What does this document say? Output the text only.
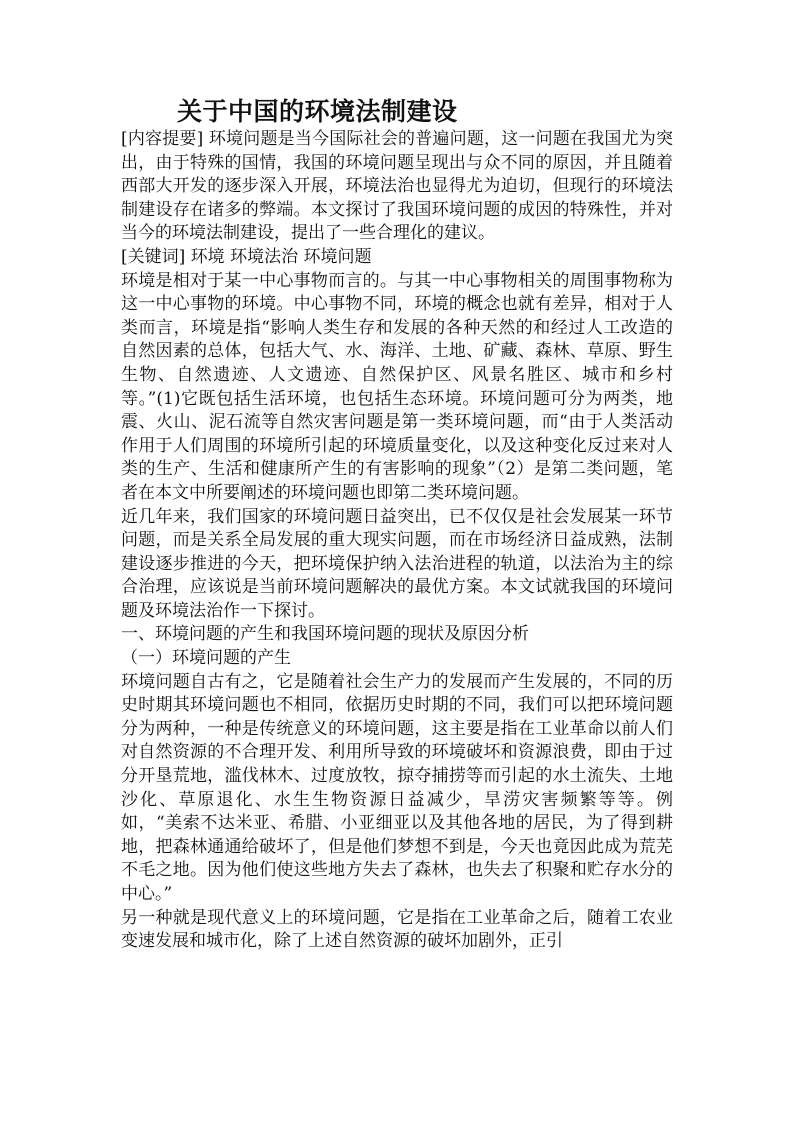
关于中国的环境法制建设

[内容提要] 环境问题是当今国际社会的普遍问题，这一问题在我国尤为突出，由于特殊的国情，我国的环境问题呈现出与众不同的原因，并且随着西部大开发的逐步深入开展，环境法治也显得尤为迫切，但现行的环境法制建设存在诸多的弊端。本文探讨了我国环境问题的成因的特殊性，并对当今的环境法制建设，提出了一些合理化的建议。

[关键词] 环境 环境法治 环境问题

环境是相对于某一中心事物而言的。与其一中心事物相关的周围事物称为这一中心事物的环境。中心事物不同，环境的概念也就有差异，相对于人类而言，环境是指“影响人类生存和发展的各种天然的和经过人工改造的自然因素的总体，包括大气、水、海洋、土地、矿藏、森林、草原、野生生物、自然遗迹、人文遗迹、自然保护区、风景名胜区、城市和乡村等。”(1)它既包括生活环境，也包括生态环境。环境问题可分为两类，地震、火山、泥石流等自然灾害问题是第一类环境问题，而“由于人类活动作用于人们周围的环境所引起的环境质量变化，以及这种变化反过来对人类的生产、生活和健康所产生的有害影响的现象”（2）是第二类问题，笔者在本文中所要阐述的环境问题也即第二类环境问题。

近几年来，我们国家的环境问题日益突出，已不仅仅是社会发展某一环节问题，而是关系全局发展的重大现实问题，而在市场经济日益成熟，法制建设逐步推进的今天，把环境保护纳入法治进程的轨道，以法治为主的综合治理，应该说是当前环境问题解决的最优方案。本文试就我国的环境问题及环境法治作一下探讨。

一、环境问题的产生和我国环境问题的现状及原因分析

（一）环境问题的产生

环境问题自古有之，它是随着社会生产力的发展而产生发展的，不同的历史时期其环境问题也不相同，依据历史时期的不同，我们可以把环境问题分为两种，一种是传统意义的环境问题，这主要是指在工业革命以前人们对自然资源的不合理开发、利用所导致的环境破坏和资源浪费，即由于过分开垦荒地，滥伐林木、过度放牧，掠夺捕捞等而引起的水土流失、土地沙化、草原退化、水生生物资源日益减少，旱涝灾害频繁等等。例如，“美索不达米亚、希腊、小亚细亚以及其他各地的居民，为了得到耕地，把森林通通给破坏了，但是他们梦想不到是，今天也竟因此成为荒芜不毛之地。因为他们使这些地方失去了森林，也失去了积聚和贮存水分的中心。”

另一种就是现代意义上的环境问题，它是指在工业革命之后，随着工农业变速发展和城市化，除了上述自然资源的破坏加剧外，正引
